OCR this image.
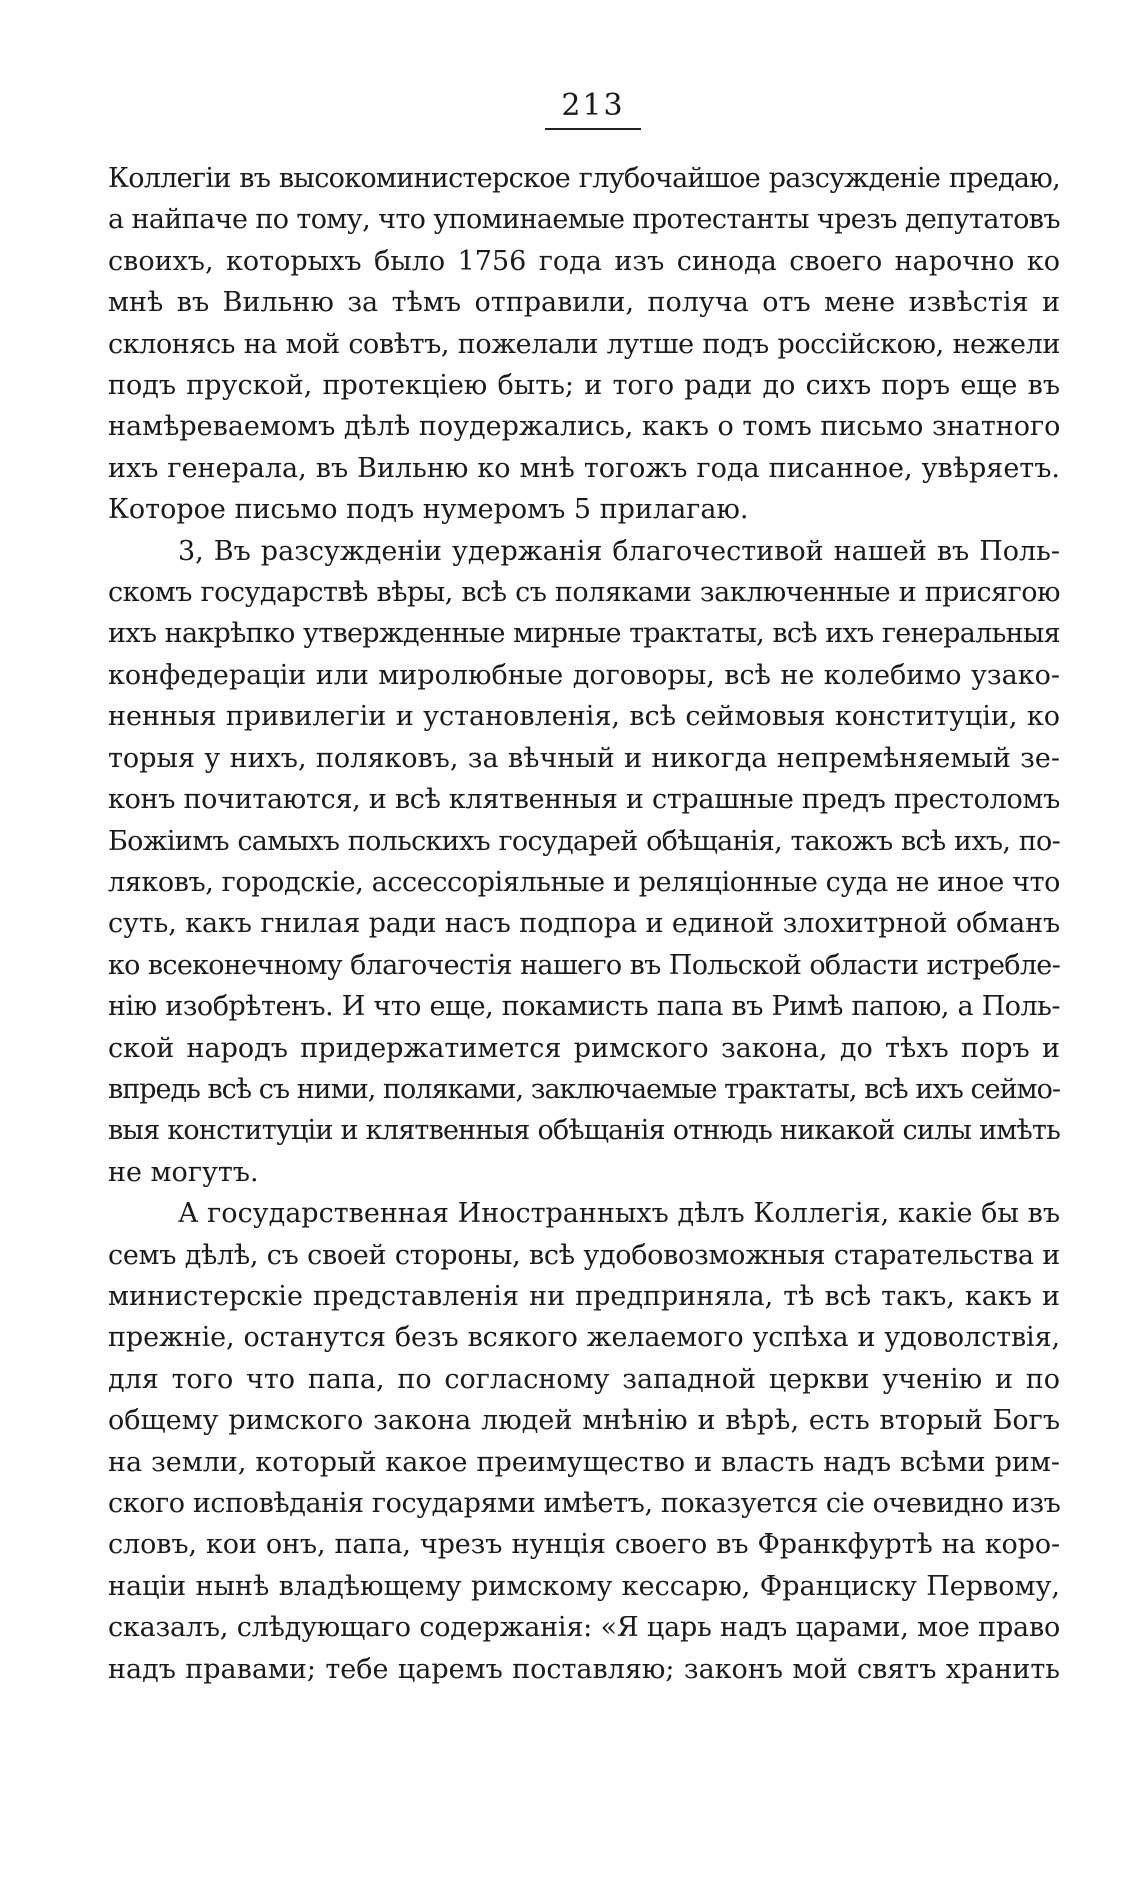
213
Коллегіи въ высокоминистерское глубочайшое разсужденіе предаю,
а найпаче по тому, что упоминаемые протестанты чрезъ депутатовъ
своихъ, которыхъ было 1756 года изъ синода своего нарочно ко
мнѣ въ Вильню за тѣмъ отправили, получа отъ мене извѣстія и
склонясь на мой совѣтъ, пожелали лутше подъ россійскою, нежели
подъ пруской, протекціею быть; и того ради до сихъ поръ еще въ
намѣреваемомъ дѣлѣ поудержались, какъ о томъ письмо знатного
ихъ генерала, въ Вильню ко мнѣ тогожъ года писанное, увѣряетъ.
Которое письмо подъ нумеромъ 5 прилагаю.
3, Въ разсужденіи удержанія благочестивой нашей въ Поль-
скомъ государствѣ вѣры, всѣ съ поляками заключенные и присягою
ихъ накрѣпко утвержденные мирные трактаты, всѣ ихъ генеральныя
конфедераціи или миролюбные договоры, всѣ не колебимо узако-
ненныя привилегіи и установленія, всѣ сеймовыя конституціи, ко
торыя у нихъ, поляковъ, за вѣчный и никогда непремѣняемый зе-
конъ почитаются, и всѣ клятвенныя и страшные предъ престоломъ
Божіимъ самыхъ польскихъ государей обѣщанія, такожъ всѣ ихъ, по-
ляковъ, городскіе, ассессоріяльные и реляціонные суда не иное что
суть, какъ гнилая ради насъ подпора и единой злохитрной обманъ
ко всеконечному благочестія нашего въ Польской области истребле-
нію изобрѣтенъ. И что еще, покамисть папа въ Римѣ папою, а Поль-
ской народъ придержатимется римского закона, до тѣхъ поръ и
впредь всѣ съ ними, поляками, заключаемые трактаты, всѣ ихъ сеймо-
выя конституціи и клятвенныя обѣщанія отнюдь никакой силы имѣть
не могутъ.
А государственная Иностранныхъ дѣлъ Коллегія, какіе бы въ
семъ дѣлѣ, съ своей стороны, всѣ удобовозможныя старательства и
министерскіе представленія ни предприняла, тѣ всѣ такъ, какъ и
прежніе, останутся безъ всякого желаемого успѣха и удоволствія,
для того что папа, по согласному западной церкви ученію и по
общему римского закона людей мнѣнію и вѣрѣ, есть вторый Богъ
на земли, который какое преимущество и власть надъ всѣми рим-
ского исповѣданія государями имѣетъ, показуется сіе очевидно изъ
словъ, кои онъ, папа, чрезъ нунція своего въ Франкфуртѣ на коро-
націи нынѣ владѣющему римскому кессарю, Франциску Первому,
сказалъ, слѣдующаго содержанія: «Я царь надъ царами, мое право
надъ правами; тебе царемъ поставляю; законъ мой святъ хранить
